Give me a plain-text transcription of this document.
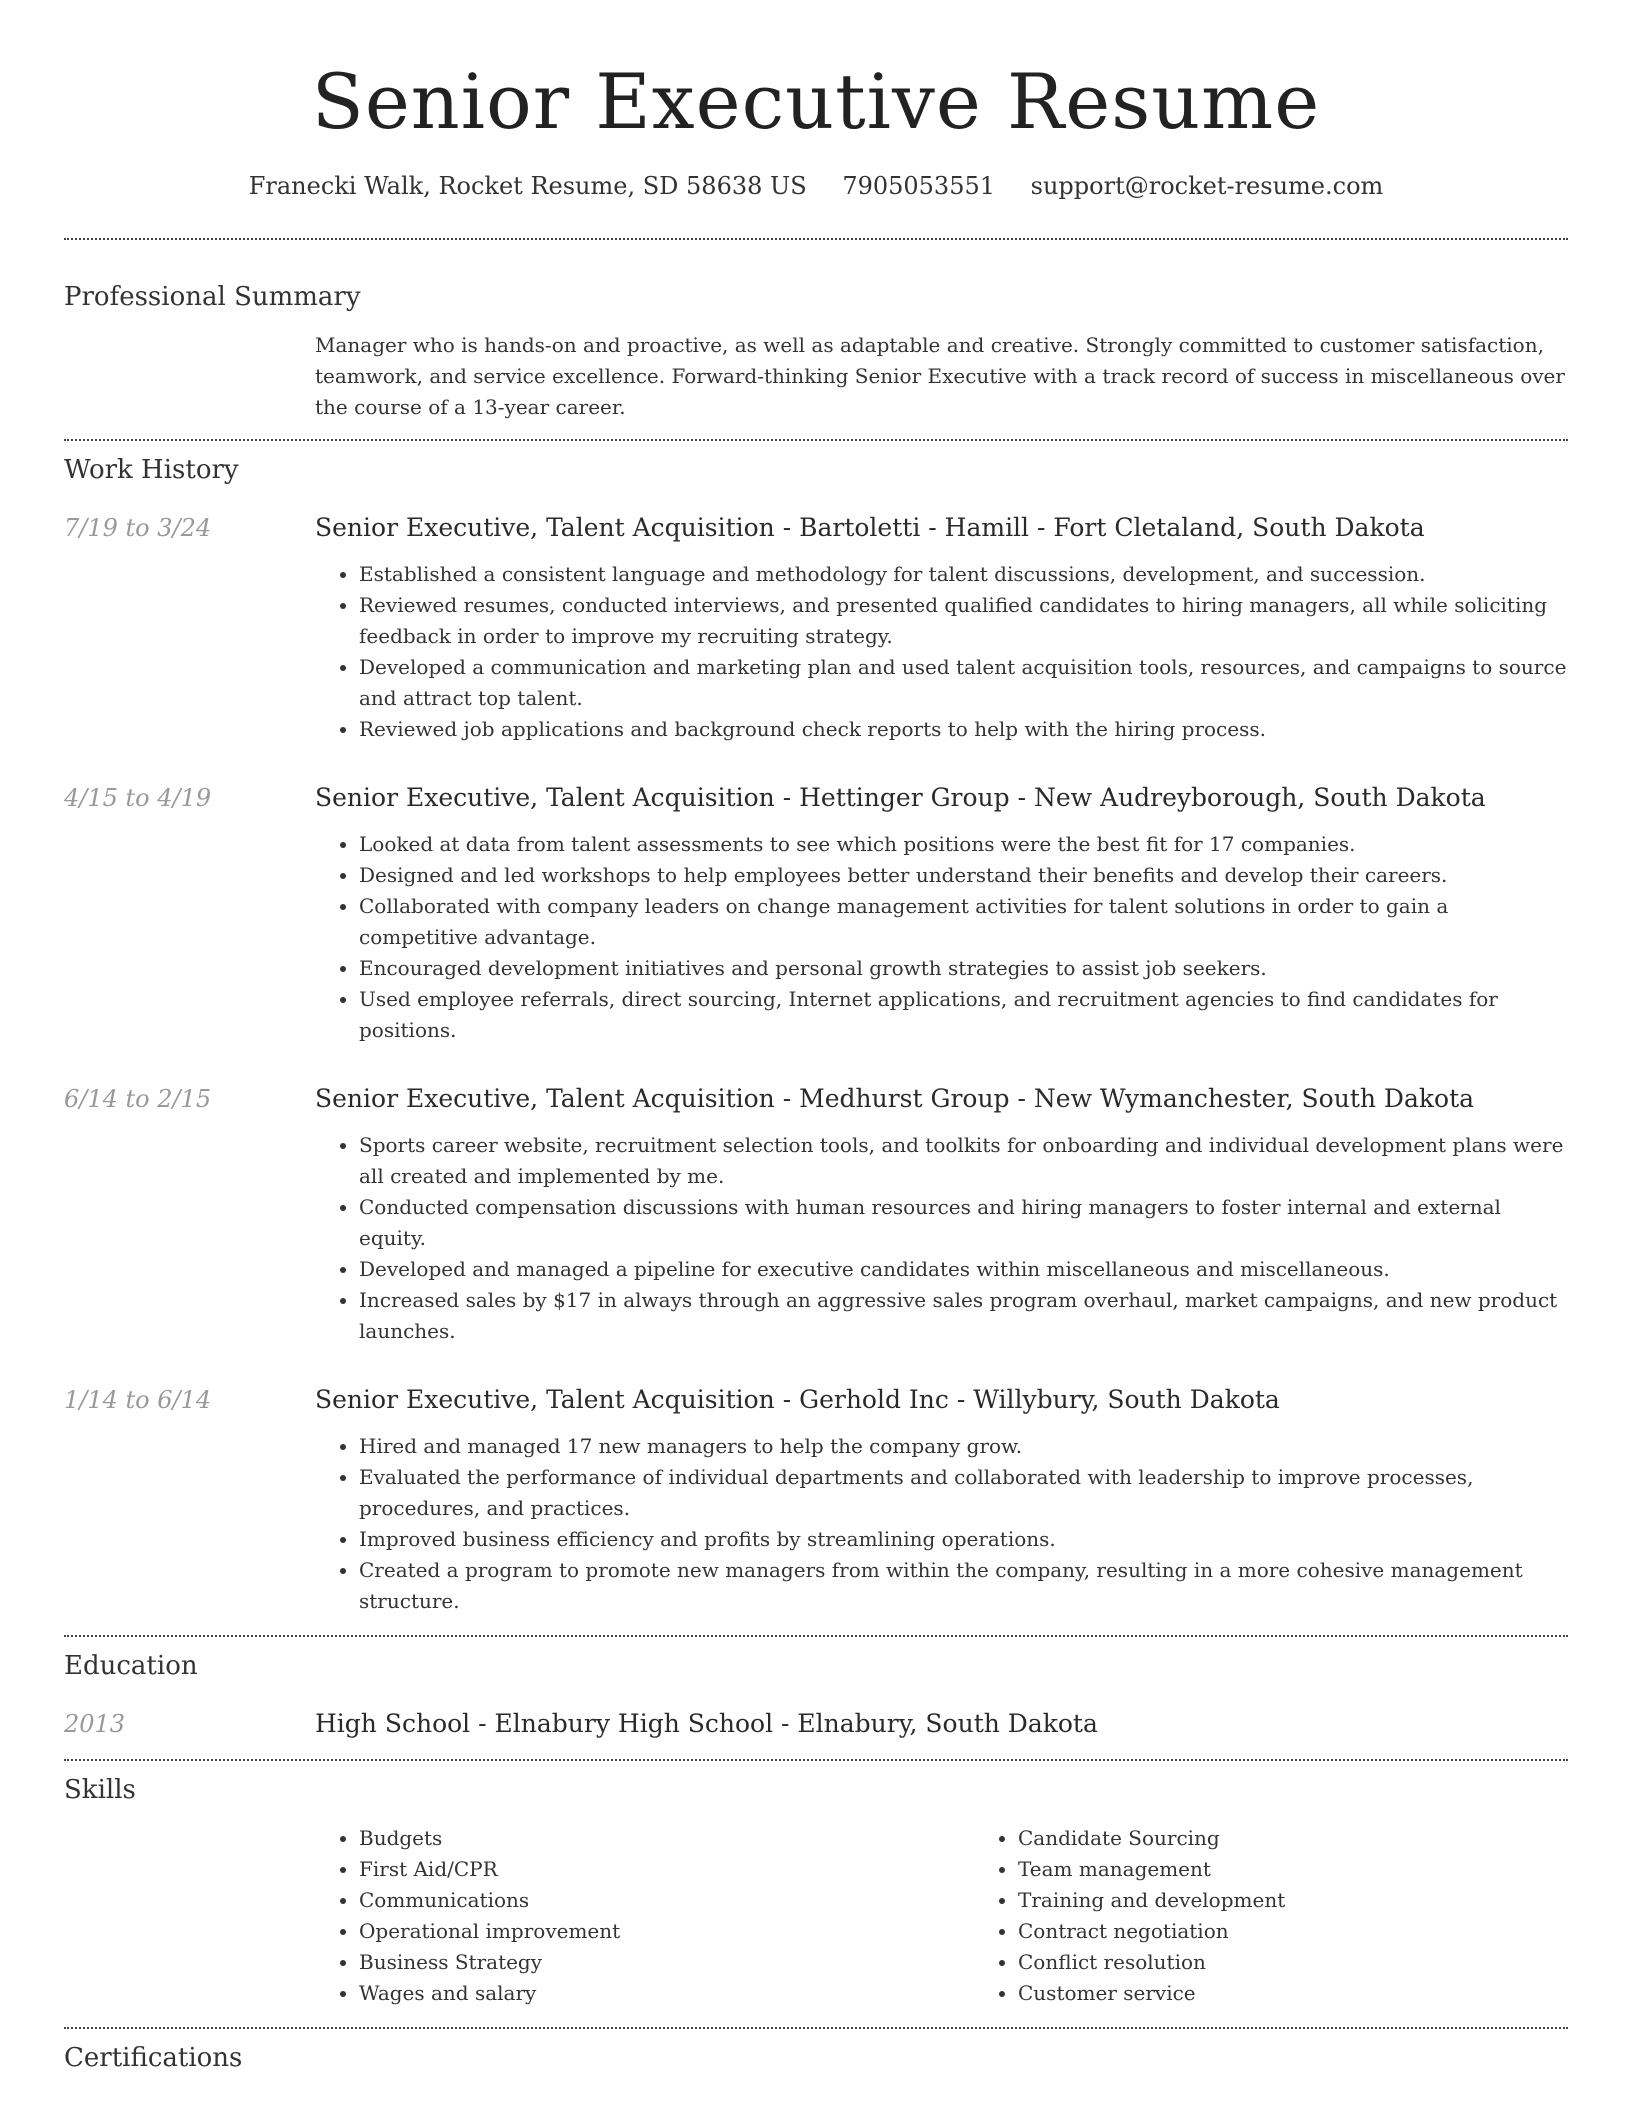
Senior Executive Resume
Franecki Walk, Rocket Resume, SD 58638 US 7905053551 support@rocket-resume.com
Professional Summary
Manager who is hands-on and proactive, as well as adaptable and creative. Strongly committed to customer satisfaction, teamwork, and service excellence. Forward-thinking Senior Executive with a track record of success in miscellaneous over the course of a 13-year career.
Work History
7/19 to 3/24	Senior Executive, Talent Acquisition - Bartoletti - Hamill - Fort Cletaland, South Dakota
• Established a consistent language and methodology for talent discussions, development, and succession.
• Reviewed resumes, conducted interviews, and presented qualified candidates to hiring managers, all while soliciting feedback in order to improve my recruiting strategy.
• Developed a communication and marketing plan and used talent acquisition tools, resources, and campaigns to source and attract top talent.
• Reviewed job applications and background check reports to help with the hiring process.
4/15 to 4/19	Senior Executive, Talent Acquisition - Hettinger Group - New Audreyborough, South Dakota
• Looked at data from talent assessments to see which positions were the best fit for 17 companies.
• Designed and led workshops to help employees better understand their benefits and develop their careers.
• Collaborated with company leaders on change management activities for talent solutions in order to gain a competitive advantage.
• Encouraged development initiatives and personal growth strategies to assist job seekers.
• Used employee referrals, direct sourcing, Internet applications, and recruitment agencies to find candidates for positions.
6/14 to 2/15	Senior Executive, Talent Acquisition - Medhurst Group - New Wymanchester, South Dakota
• Sports career website, recruitment selection tools, and toolkits for onboarding and individual development plans were all created and implemented by me.
• Conducted compensation discussions with human resources and hiring managers to foster internal and external equity.
• Developed and managed a pipeline for executive candidates within miscellaneous and miscellaneous.
• Increased sales by $17 in always through an aggressive sales program overhaul, market campaigns, and new product launches.
1/14 to 6/14	Senior Executive, Talent Acquisition - Gerhold Inc - Willybury, South Dakota
• Hired and managed 17 new managers to help the company grow.
• Evaluated the performance of individual departments and collaborated with leadership to improve processes, procedures, and practices.
• Improved business efficiency and profits by streamlining operations.
• Created a program to promote new managers from within the company, resulting in a more cohesive management structure.
Education
2013	High School - Elnabury High School - Elnabury, South Dakota
Skills
• Budgets
• First Aid/CPR
• Communications
• Operational improvement
• Business Strategy
• Wages and salary
• Candidate Sourcing
• Team management
• Training and development
• Contract negotiation
• Conflict resolution
• Customer service
Certifications
